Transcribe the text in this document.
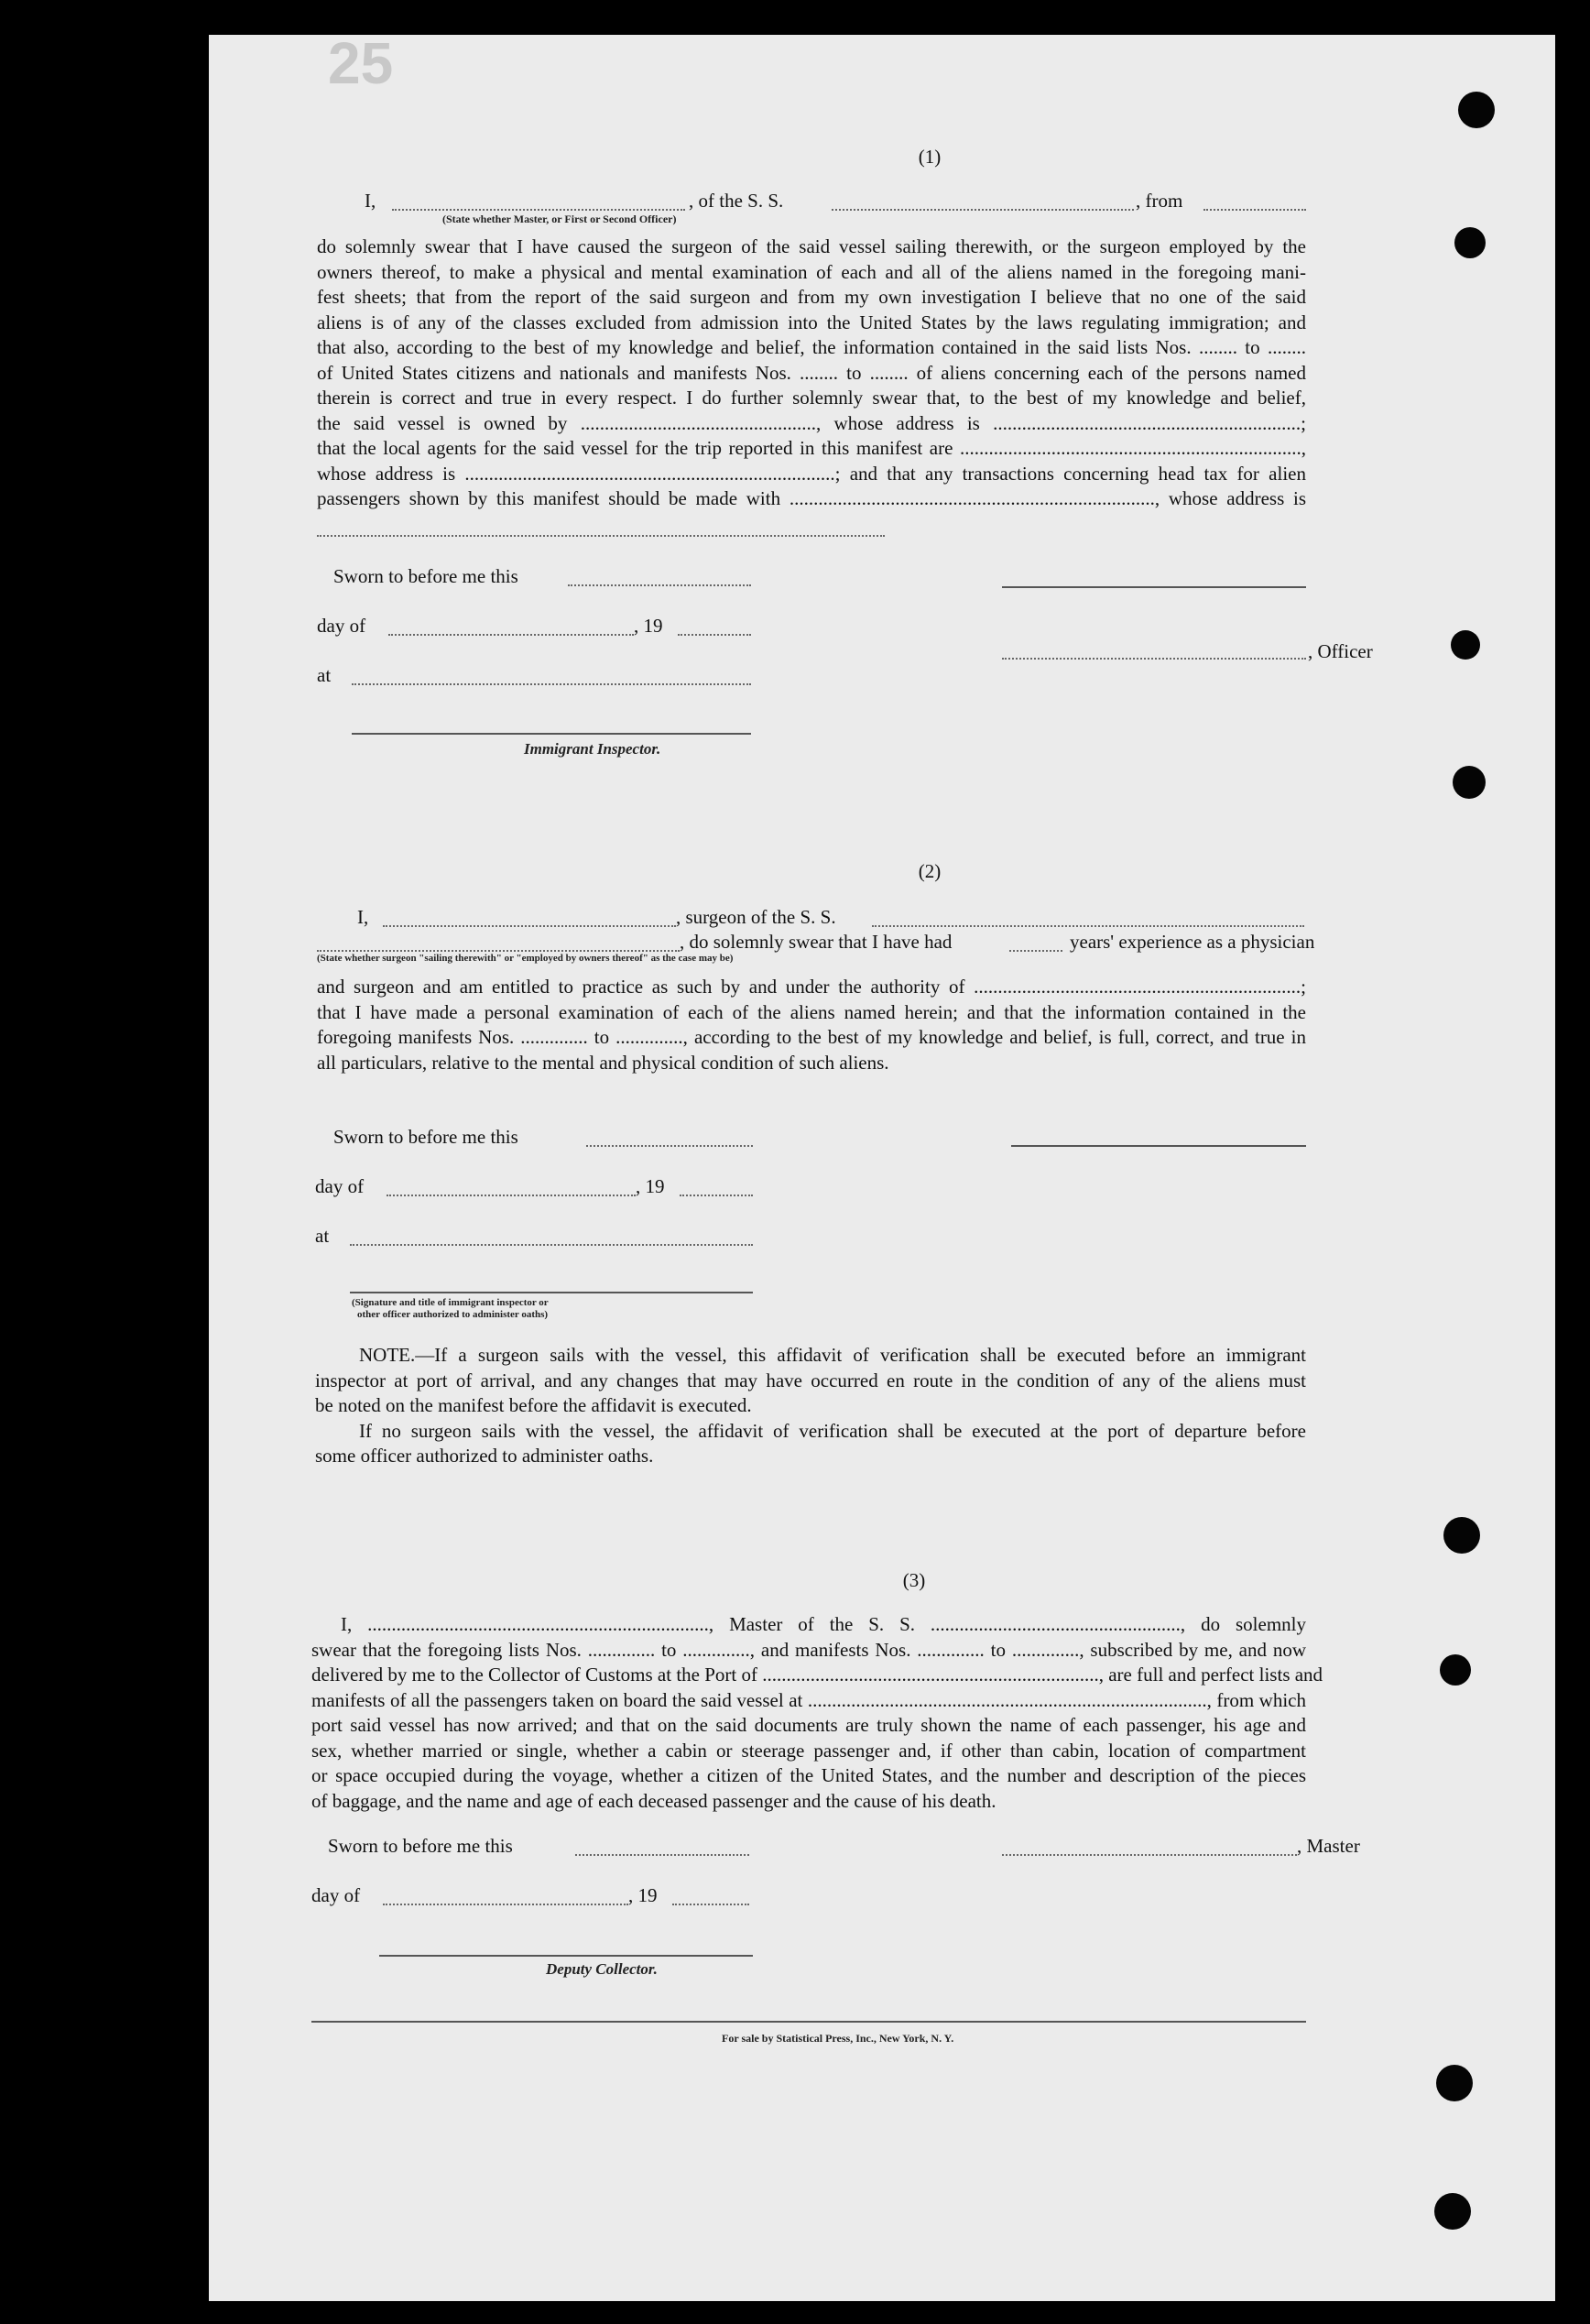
25
(1)
I,
(State whether Master, or First or Second Officer)
, of the S. S.	, from
do solemnly swear that I have caused the surgeon of the said vessel sailing therewith, or the surgeon employed by the
owners thereof, to make a physical and mental examination of each and all of the aliens named in the foregoing mani-
fest sheets; that from the report of the said surgeon and from my own investigation I believe that no one of the said
aliens is of any of the classes excluded from admission into the United States by the laws regulating immigration; and
that also, according to the best of my knowledge and belief, the information contained in the said lists Nos. ........ to ........
of United States citizens and nationals and manifests Nos. ........ to ........ of aliens concerning each of the persons named
therein is correct and true in every respect. I do further solemnly swear that, to the best of my knowledge and belief,
the said vessel is owned by ................................................., whose address is ................................................................;
that the local agents for the said vessel for the trip reported in this manifest are .......................................................................,
whose address is .............................................................................; and that any transactions concerning head tax for alien
passengers shown by this manifest should be made with ............................................................................, whose address is
Sworn to before me this
day of	, 19
, Officer
at
Immigrant Inspector.
(2)
I,	, surgeon of the S. S.
, do solemnly swear that I have had	years' experience as a physician
(State whether surgeon "sailing therewith" or "employed by owners thereof" as the case may be)
and surgeon and am entitled to practice as such by and under the authority of ....................................................................;
that I have made a personal examination of each of the aliens named herein; and that the information contained in the
foregoing manifests Nos. .............. to .............., according to the best of my knowledge and belief, is full, correct, and true in
all particulars, relative to the mental and physical condition of such aliens.
Sworn to before me this
day of	, 19
at
(Signature and title of immigrant inspector or
other officer authorized to administer oaths)
NOTE.—If a surgeon sails with the vessel, this affidavit of verification shall be executed before an immigrant
inspector at port of arrival, and any changes that may have occurred en route in the condition of any of the aliens must
be noted on the manifest before the affidavit is executed.
If no surgeon sails with the vessel, the affidavit of verification shall be executed at the port of departure before
some officer authorized to administer oaths.
(3)
I, ......................................................................., Master of the S. S. ...................................................., do solemnly
swear that the foregoing lists Nos. .............. to .............., and manifests Nos. .............. to .............., subscribed by me, and now
delivered by me to the Collector of Customs at the Port of ......................................................................, are full and perfect lists and
manifests of all the passengers taken on board the said vessel at ..................................................................................., from which
port said vessel has now arrived; and that on the said documents are truly shown the name of each passenger, his age and
sex, whether married or single, whether a cabin or steerage passenger and, if other than cabin, location of compartment
or space occupied during the voyage, whether a citizen of the United States, and the number and description of the pieces
of baggage, and the name and age of each deceased passenger and the cause of his death.
Sworn to before me this	, Master
day of	, 19
Deputy Collector.
For sale by Statistical Press, Inc., New York, N. Y.
